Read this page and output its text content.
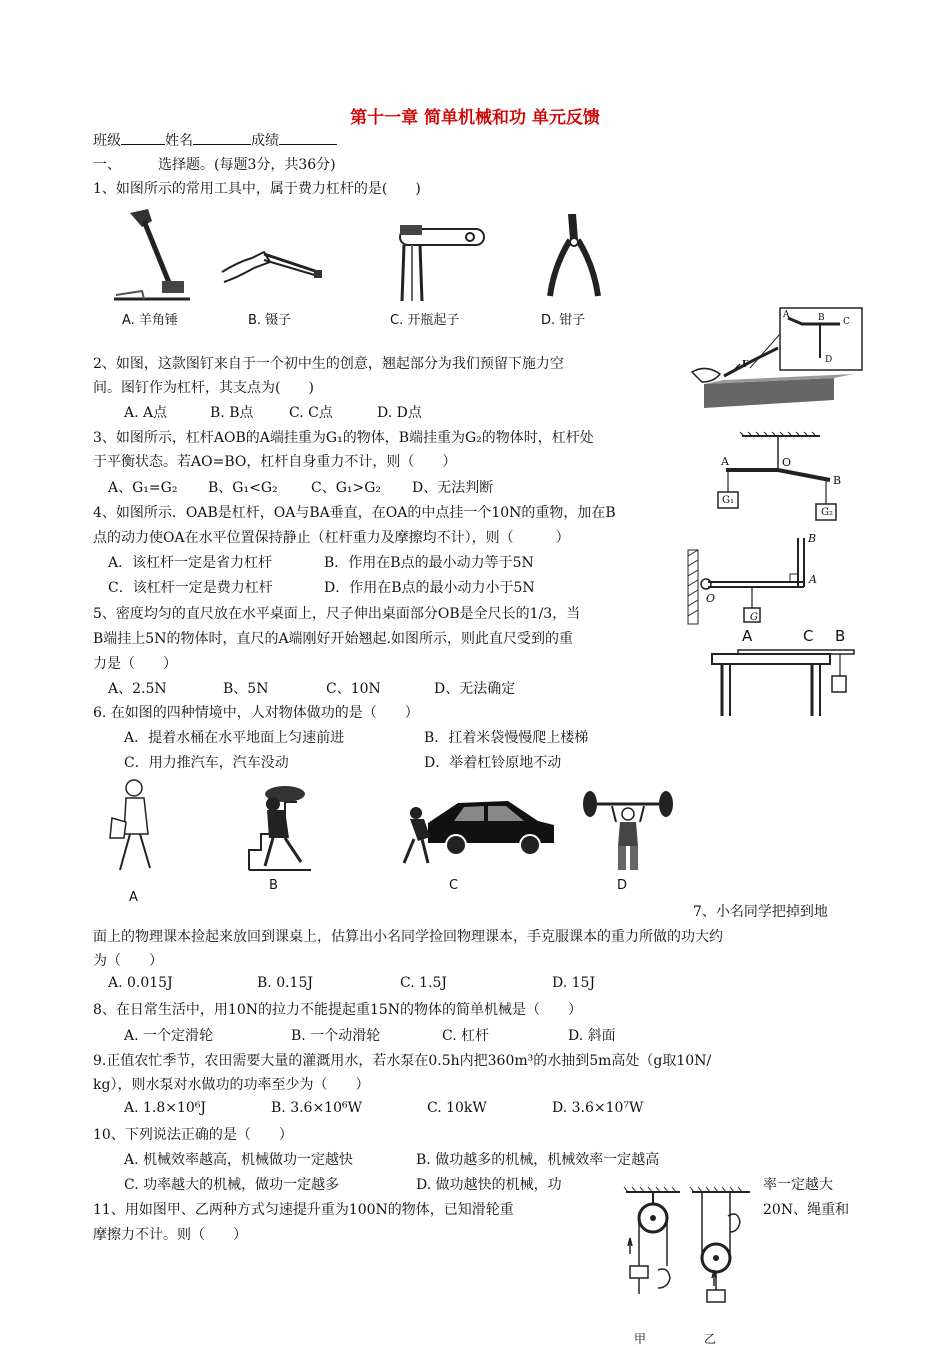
第十一章 简单机械和功 单元反馈
班级	姓名	成绩
一、	选择题。(每题3分，共36分)
1、如图所示的常用工具中，属于费力杠杆的是(　　)
A. 羊角锤	B. 镊子	C. 开瓶起子	D. 钳子
2、如图，这款图钉来自于一个初中生的创意，翘起部分为我们预留下施力空
间。图钉作为杠杆，其支点为(　　)
A. A点	B. B点	C. C点	D. D点
A	B C
D
F
3、如图所示，杠杆AOB的A端挂重为G₁的物体，B端挂重为G₂的物体时，杠杆处
于平衡状态。若AO=BO，杠杆自身重力不计，则（　　）
A、G₁=G₂ B、G₁<G₂ C、G₁>G₂ D、无法判断
A	O
B
G₁
G₂
4、如图所示．OAB是杠杆，OA与BA垂直，在OA的中点挂一个10N的重物，加在B
点的动力使OA在水平位置保持静止（杠杆重力及摩擦均不计），则（　　　）
A．该杠杆一定是省力杠杆	B．作用在B点的最小动力等于5N
C．该杠杆一定是费力杠杆	D．作用在B点的最小动力小于5N
B
A
O
G
5、密度均匀的直尺放在水平桌面上，尺子伸出桌面部分OB是全尺长的1/3，当
B端挂上5N的物体时，直尺的A端刚好开始翘起.如图所示，则此直尺受到的重
力是（　　）
A、2.5N	B、5N	C、10N	D、无法确定
A	C B
6. 在如图的四种情境中，人对物体做功的是（　　）
A．提着水桶在水平地面上匀速前进	B．扛着米袋慢慢爬上楼梯
C．用力推汽车，汽车没动	D．举着杠铃原地不动
A
B	C	D
7、小名同学把掉到地
面上的物理课本捡起来放回到课桌上，估算出小名同学捡回物理课本，手克服课本的重力所做的功大约
为（　　）
A. 0.015J	B. 0.15J	C. 1.5J	D. 15J
8、在日常生活中，用10N的拉力不能提起重15N的物体的简单机械是（　　）
A. 一个定滑轮	B. 一个动滑轮	C. 杠杆	D. 斜面
9.正值农忙季节，农田需要大量的灌溉用水，若水泵在0.5h内把360m³的水抽到5m高处（g取10N/
kg），则水泵对水做功的功率至少为（　　）
A. 1.8×10⁶J	B. 3.6×10⁶W	C. 10kW	D. 3.6×10⁷W
10、下列说法正确的是（　　）
A. 机械效率越高，机械做功一定越快	B. 做功越多的机械，机械效率一定越高
C. 功率越大的机械，做功一定越多	D. 做功越快的机械，功	率一定越大
11、用如图甲、乙两种方式匀速提升重为100N的物体，已知滑轮重	20N、绳重和
摩擦力不计。则（　　）
甲	乙
